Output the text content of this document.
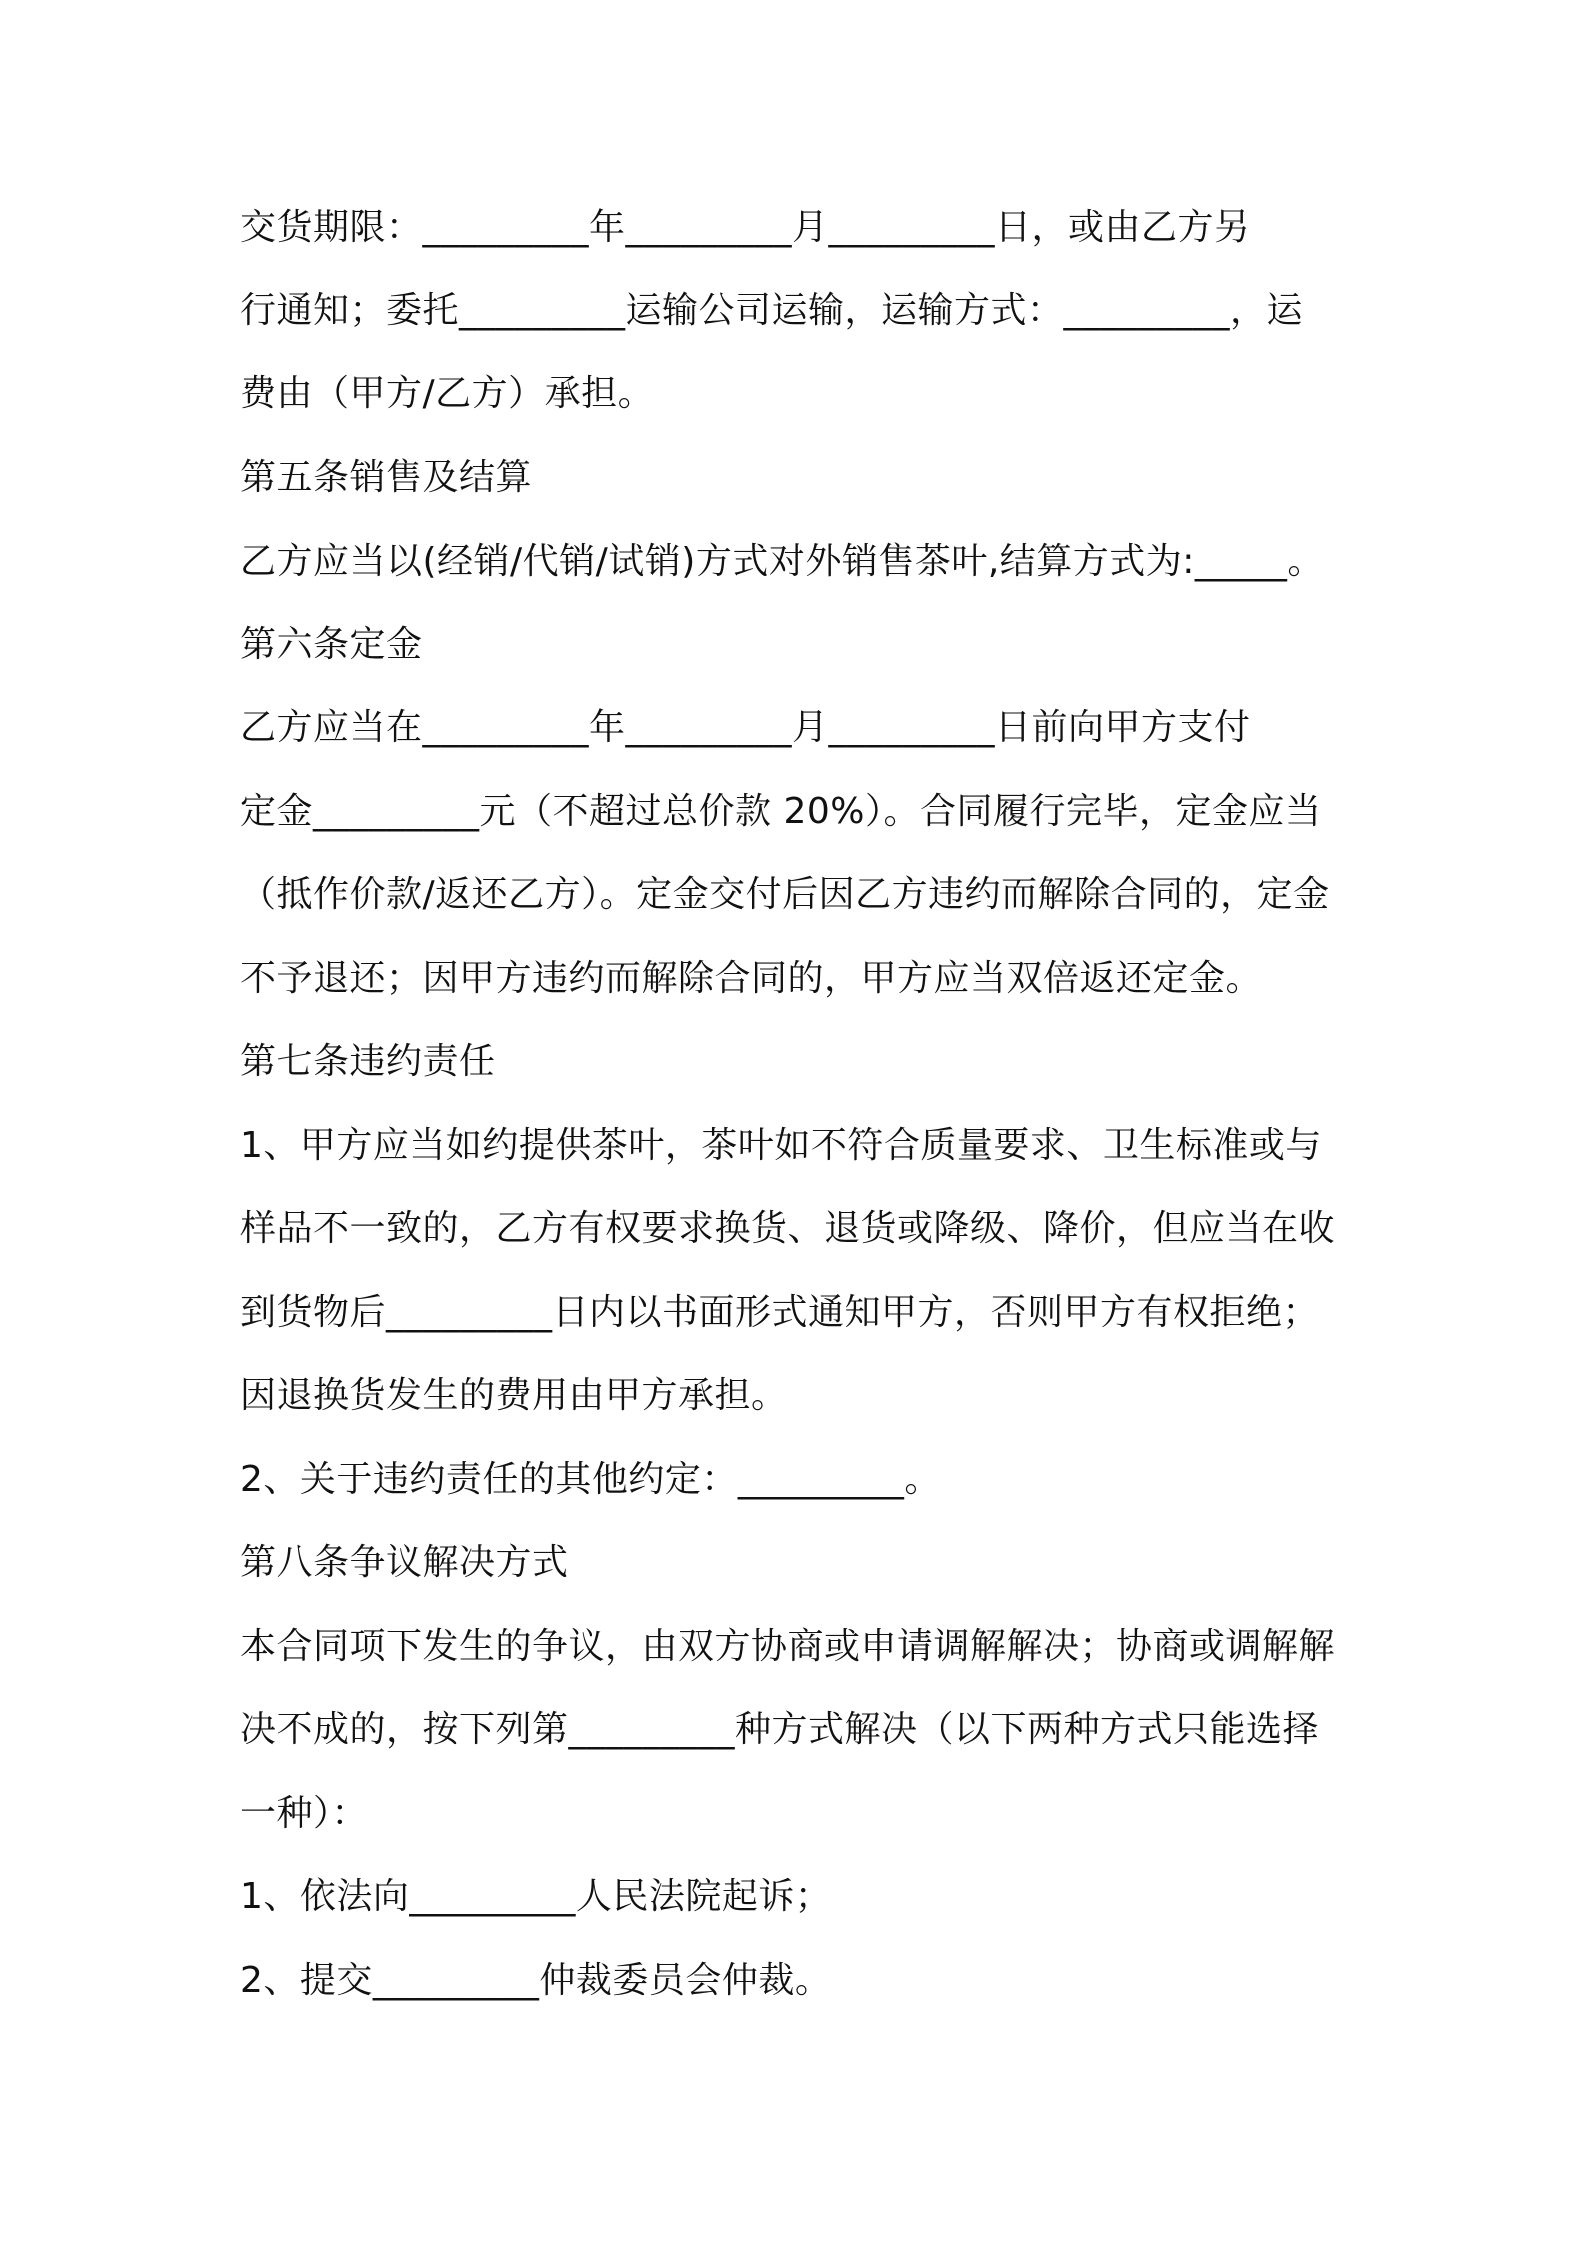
交货期限：_________年_________月_________日，或由乙方另
行通知；委托_________运输公司运输，运输方式：_________，运
费由（甲方/乙方）承担。
第五条销售及结算
乙方应当以(经销/代销/试销)方式对外销售茶叶,结算方式为:_____。
第六条定金
乙方应当在_________年_________月_________日前向甲方支付
定金_________元（不超过总价款 20%）。合同履行完毕，定金应当
（抵作价款/返还乙方）。定金交付后因乙方违约而解除合同的，定金
不予退还；因甲方违约而解除合同的，甲方应当双倍返还定金。
第七条违约责任
1、甲方应当如约提供茶叶，茶叶如不符合质量要求、卫生标准或与
样品不一致的，乙方有权要求换货、退货或降级、降价，但应当在收
到货物后_________日内以书面形式通知甲方，否则甲方有权拒绝；
因退换货发生的费用由甲方承担。
2、关于违约责任的其他约定：_________。
第八条争议解决方式
本合同项下发生的争议，由双方协商或申请调解解决；协商或调解解
决不成的，按下列第_________种方式解决（以下两种方式只能选择
一种）：
1、依法向_________人民法院起诉；
2、提交_________仲裁委员会仲裁。
